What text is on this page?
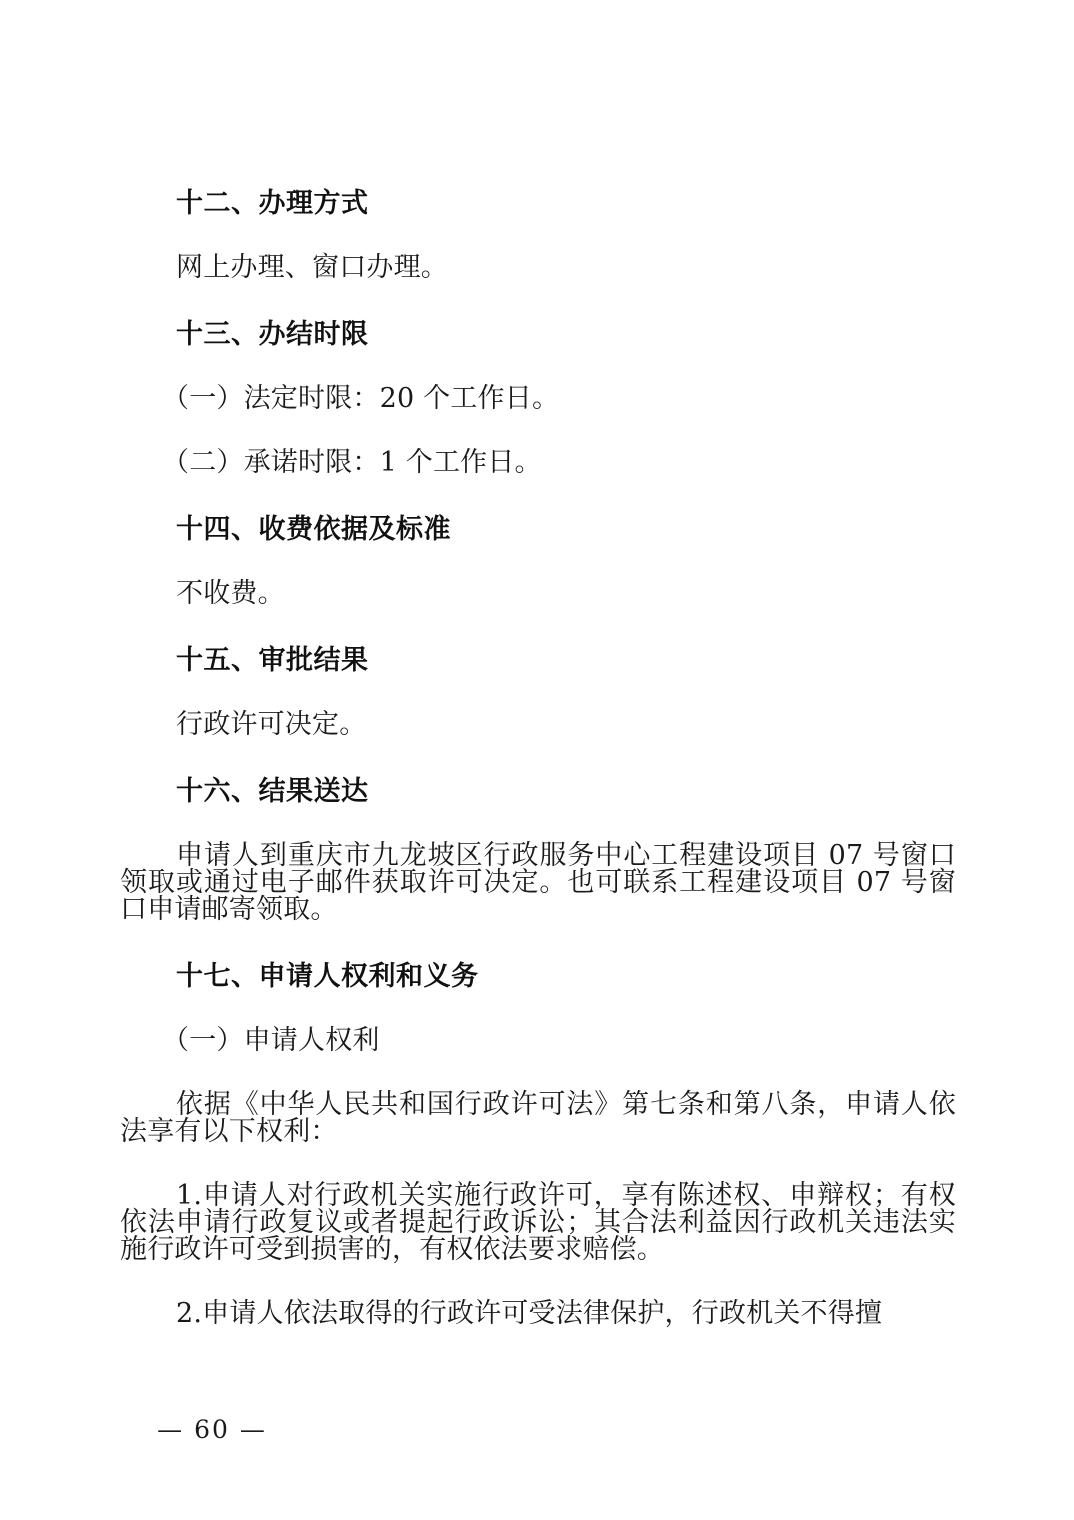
十二、办理方式

网上办理、窗口办理。

十三、办结时限

（一）法定时限：20 个工作日。

（二）承诺时限：1 个工作日。

十四、收费依据及标准

不收费。

十五、审批结果

行政许可决定。

十六、结果送达

申请人到重庆市九龙坡区行政服务中心工程建设项目 07 号窗口领取或通过电子邮件获取许可决定。也可联系工程建设项目 07 号窗口申请邮寄领取。

十七、申请人权利和义务

（一）申请人权利

依据《中华人民共和国行政许可法》第七条和第八条，申请人依法享有以下权利：

1.申请人对行政机关实施行政许可，享有陈述权、申辩权；有权依法申请行政复议或者提起行政诉讼；其合法利益因行政机关违法实施行政许可受到损害的，有权依法要求赔偿。

2.申请人依法取得的行政许可受法律保护，行政机关不得擅

— 60 —
